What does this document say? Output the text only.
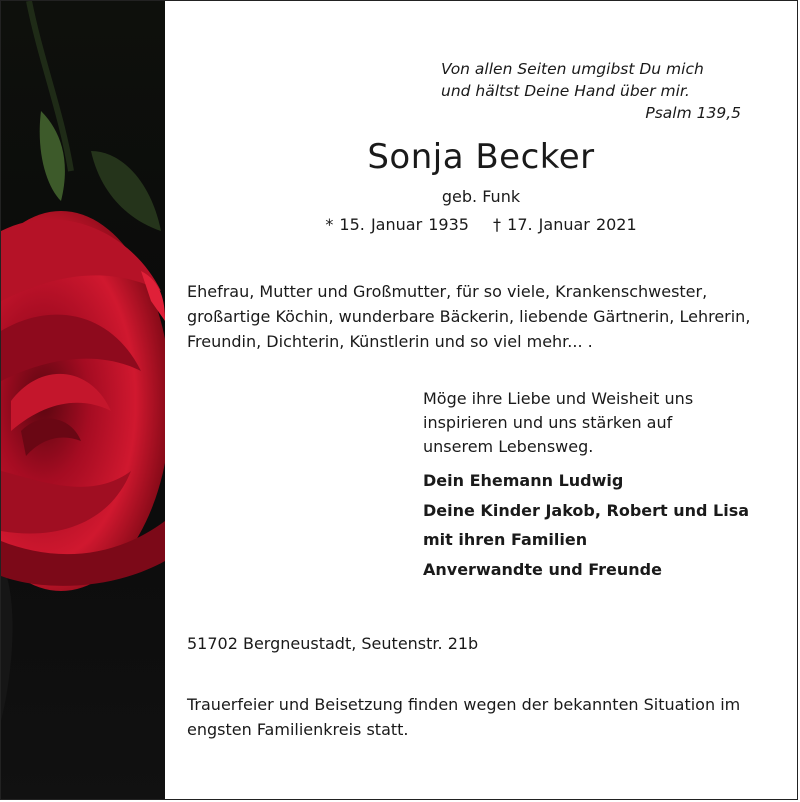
Von allen Seiten umgibst Du mich
und hältst Deine Hand über mir.
Psalm 139,5
Sonja Becker
geb. Funk
* 15. Januar 1935 † 17. Januar 2021
Ehefrau, Mutter und Großmutter, für so viele, Krankenschwester, großartige Köchin, wunderbare Bäckerin, liebende Gärtnerin, Lehrerin, Freundin, Dichterin, Künstlerin und so viel mehr... .
Möge ihre Liebe und Weisheit uns inspirieren und uns stärken auf unserem Lebensweg.
Dein Ehemann Ludwig
Deine Kinder Jakob, Robert und Lisa
mit ihren Familien
Anverwandte und Freunde
51702 Bergneustadt, Seutenstr. 21b
Trauerfeier und Beisetzung finden wegen der bekannten Situation im engsten Familienkreis statt.
